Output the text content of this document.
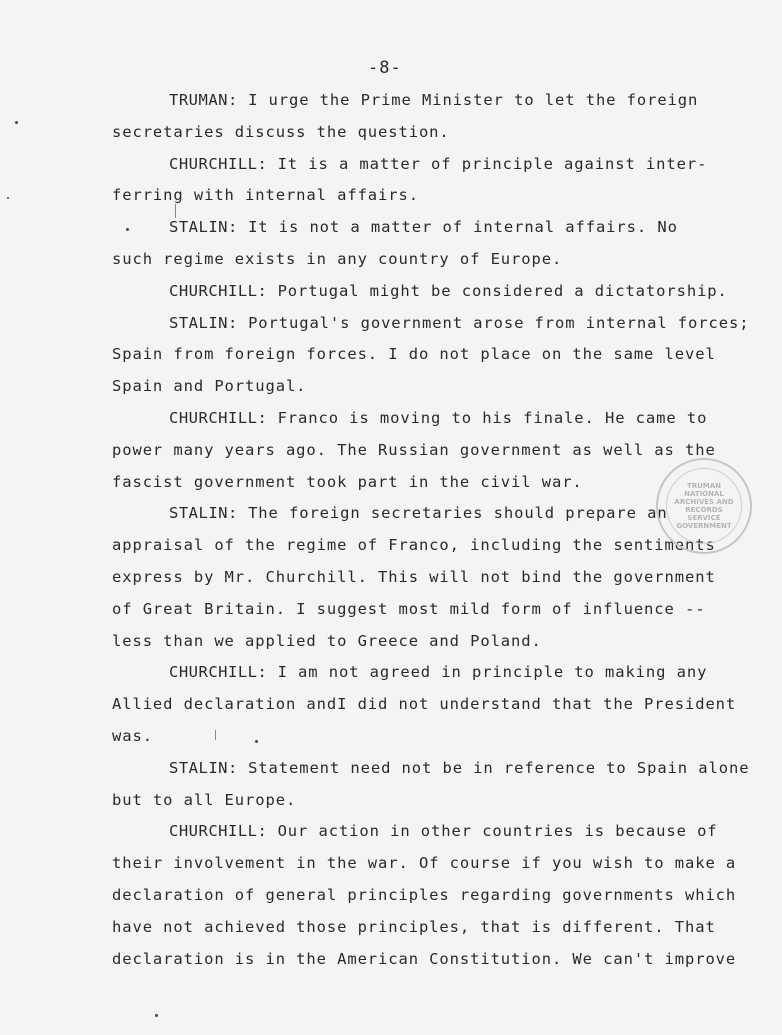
-8-
TRUMAN: I urge the Prime Minister to let the foreign
secretaries discuss the question.
CHURCHILL: It is a matter of principle against inter-
ferring with internal affairs.
STALIN: It is not a matter of internal affairs. No
such regime exists in any country of Europe.
CHURCHILL: Portugal might be considered a dictatorship.
STALIN: Portugal's government arose from internal forces;
Spain from foreign forces. I do not place on the same level
Spain and Portugal.
CHURCHILL: Franco is moving to his finale. He came to
power many years ago. The Russian government as well as the
fascist government took part in the civil war.
STALIN: The foreign secretaries should prepare an
appraisal of the regime of Franco, including the sentiments
express by Mr. Churchill. This will not bind the government
of Great Britain. I suggest most mild form of influence --
less than we applied to Greece and Poland.
CHURCHILL: I am not agreed in principle to making any
Allied declaration andI did not understand that the President
was.
STALIN: Statement need not be in reference to Spain alone
but to all Europe.
CHURCHILL: Our action in other countries is because of
their involvement in the war. Of course if you wish to make a
declaration of general principles regarding governments which
have not achieved those principles, that is different. That
declaration is in the American Constitution. We can't improve
TRUMAN
NATIONAL
ARCHIVES AND
RECORDS
SERVICE
GOVERNMENT
